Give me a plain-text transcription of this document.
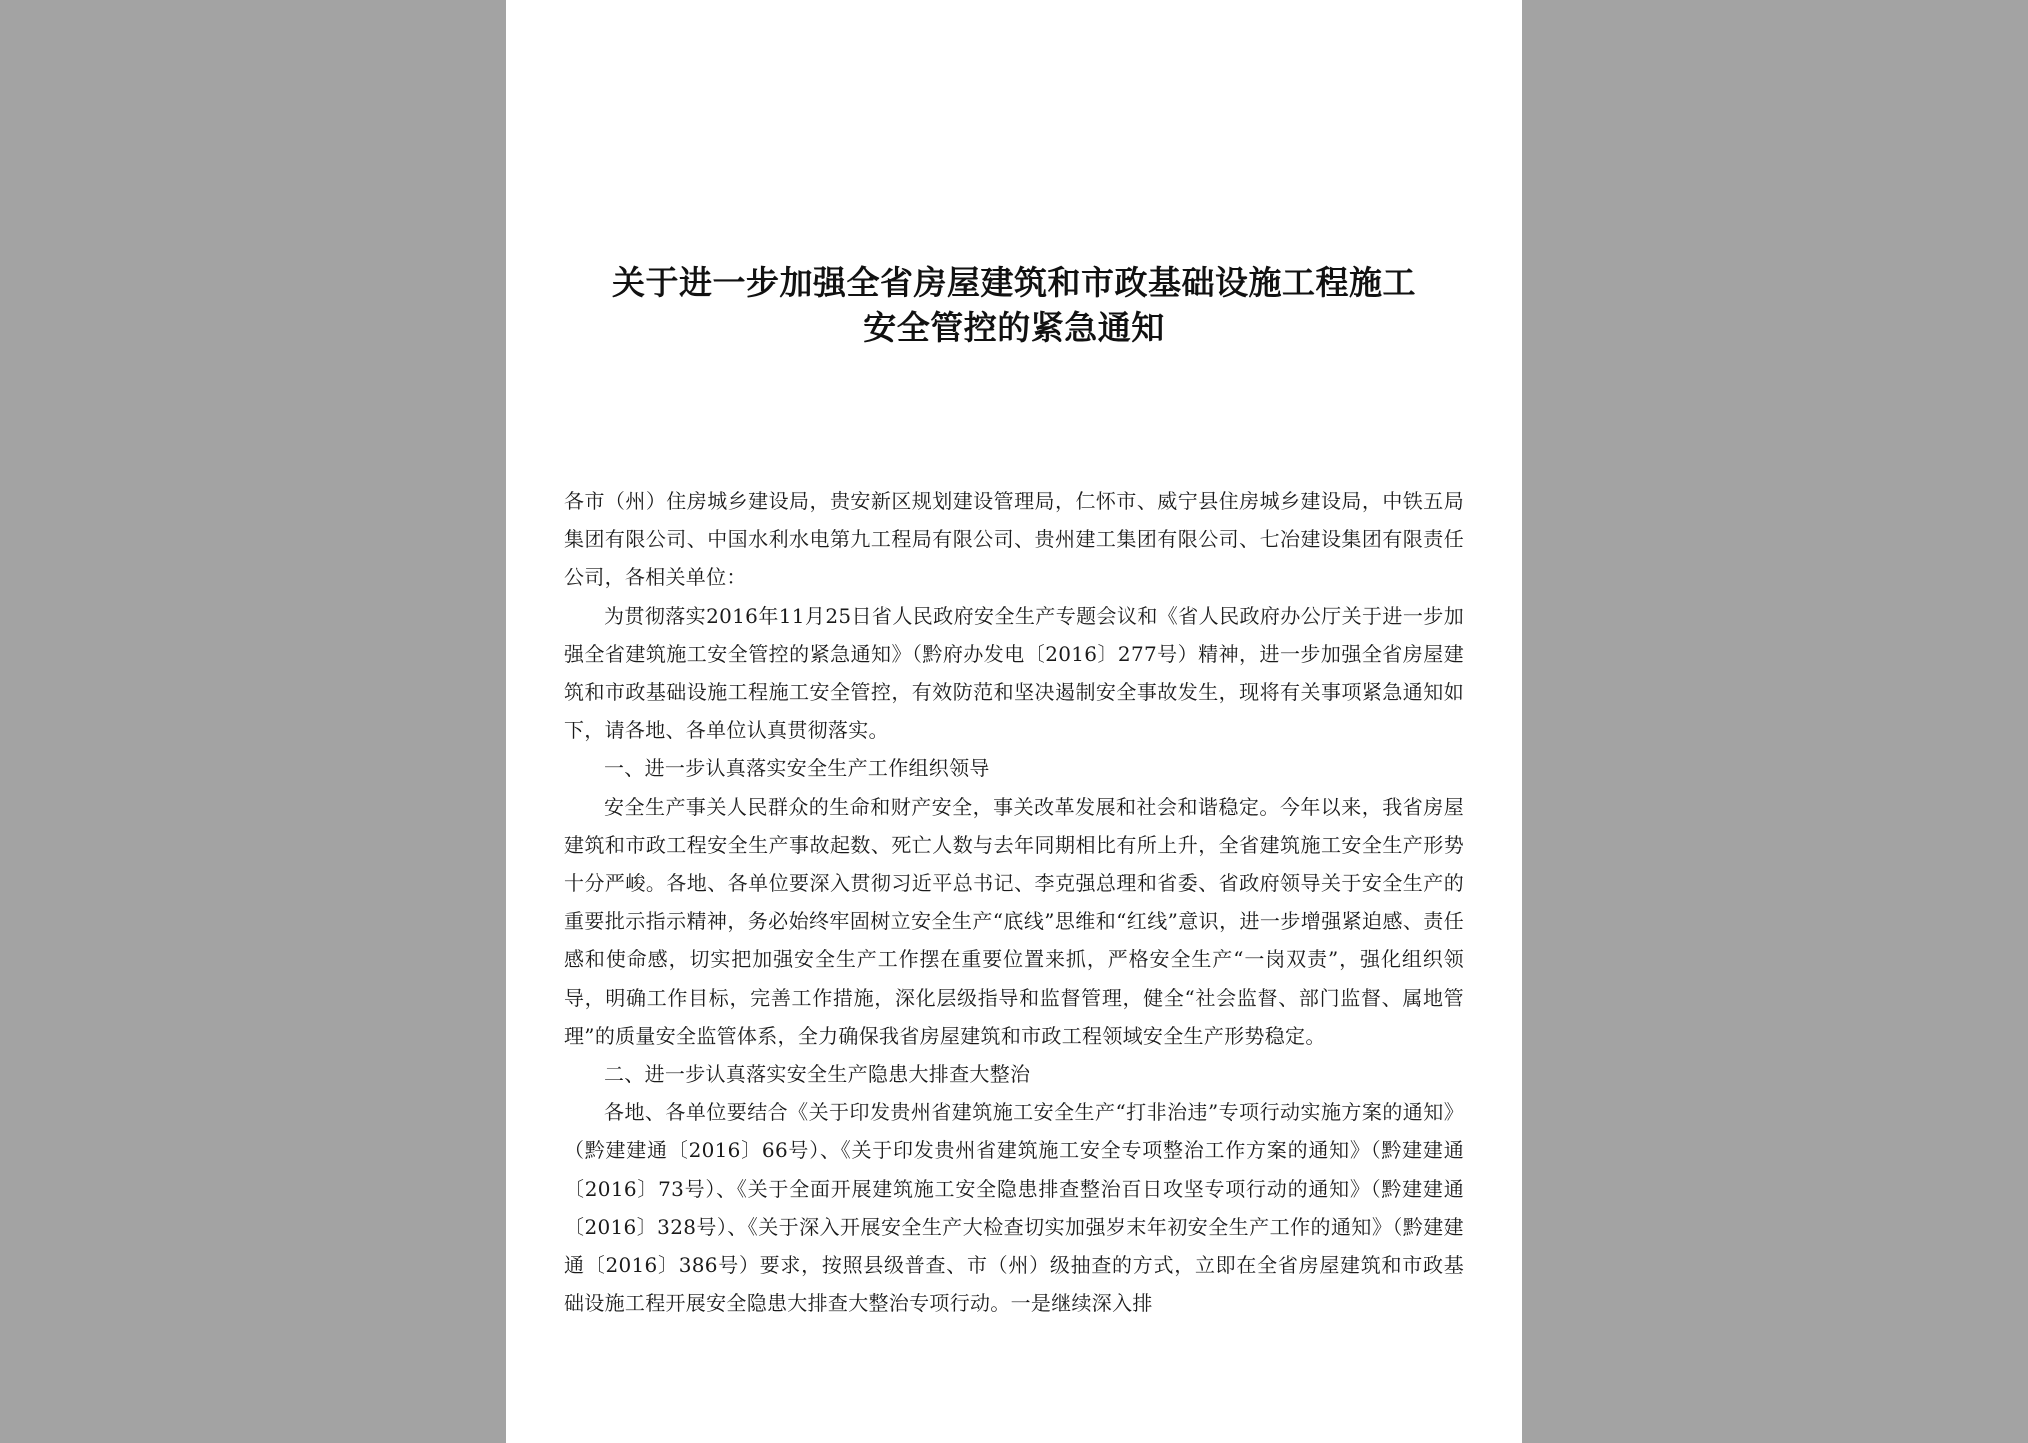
关于进一步加强全省房屋建筑和市政基础设施工程施工
安全管控的紧急通知

各市（州）住房城乡建设局，贵安新区规划建设管理局，仁怀市、威宁县住房城乡建设局，中铁五局集团有限公司、中国水利水电第九工程局有限公司、贵州建工集团有限公司、七冶建设集团有限责任公司，各相关单位：

为贯彻落实2016年11月25日省人民政府安全生产专题会议和《省人民政府办公厅关于进一步加强全省建筑施工安全管控的紧急通知》（黔府办发电〔2016〕277号）精神，进一步加强全省房屋建筑和市政基础设施工程施工安全管控，有效防范和坚决遏制安全事故发生，现将有关事项紧急通知如下，请各地、各单位认真贯彻落实。

一、进一步认真落实安全生产工作组织领导

安全生产事关人民群众的生命和财产安全，事关改革发展和社会和谐稳定。今年以来，我省房屋建筑和市政工程安全生产事故起数、死亡人数与去年同期相比有所上升，全省建筑施工安全生产形势十分严峻。各地、各单位要深入贯彻习近平总书记、李克强总理和省委、省政府领导关于安全生产的重要批示指示精神，务必始终牢固树立安全生产“底线”思维和“红线”意识，进一步增强紧迫感、责任感和使命感，切实把加强安全生产工作摆在重要位置来抓，严格安全生产“一岗双责”，强化组织领导，明确工作目标，完善工作措施，深化层级指导和监督管理，健全“社会监督、部门监督、属地管理”的质量安全监管体系，全力确保我省房屋建筑和市政工程领域安全生产形势稳定。

二、进一步认真落实安全生产隐患大排查大整治

各地、各单位要结合《关于印发贵州省建筑施工安全生产“打非治违”专项行动实施方案的通知》（黔建建通〔2016〕66号）、《关于印发贵州省建筑施工安全专项整治工作方案的通知》（黔建建通〔2016〕73号）、《关于全面开展建筑施工安全隐患排查整治百日攻坚专项行动的通知》（黔建建通〔2016〕328号）、《关于深入开展安全生产大检查切实加强岁末年初安全生产工作的通知》（黔建建通〔2016〕386号）要求，按照县级普查、市（州）级抽查的方式，立即在全省房屋建筑和市政基础设施工程开展安全隐患大排查大整治专项行动。一是继续深入排
